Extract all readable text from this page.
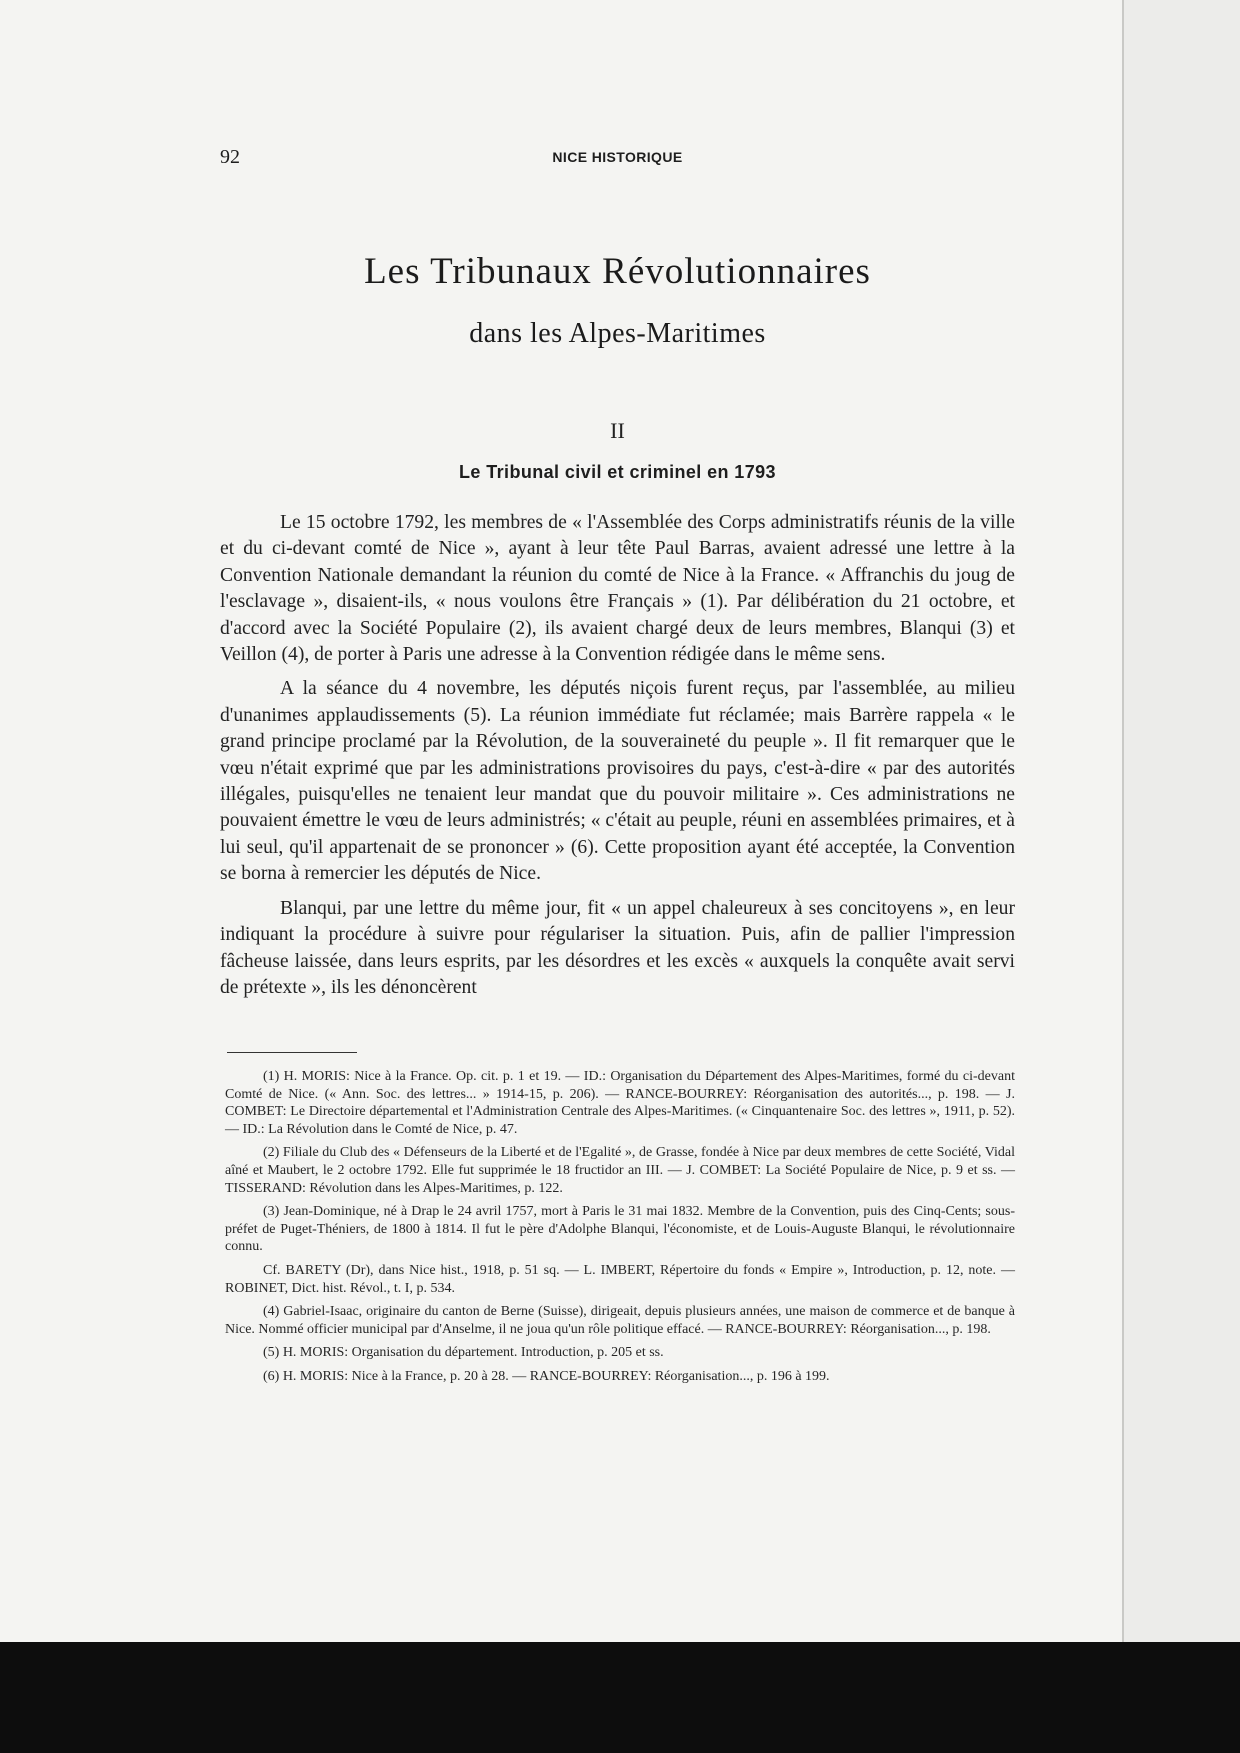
92	NICE HISTORIQUE
Les Tribunaux Révolutionnaires
dans les Alpes-Maritimes
II
Le Tribunal civil et criminel en 1793

Le 15 octobre 1792, les membres de « l'Assemblée des Corps administratifs réunis de la ville et du ci-devant comté de Nice », ayant à leur tête Paul Barras, avaient adressé une lettre à la Convention Nationale demandant la réunion du comté de Nice à la France. « Affranchis du joug de l'esclavage », disaient-ils, « nous voulons être Français » (1). Par délibération du 21 octobre, et d'accord avec la Société Populaire (2), ils avaient chargé deux de leurs membres, Blanqui (3) et Veillon (4), de porter à Paris une adresse à la Convention rédigée dans le même sens.

A la séance du 4 novembre, les députés niçois furent reçus, par l'assemblée, au milieu d'unanimes applaudissements (5). La réunion immédiate fut réclamée; mais Barrère rappela « le grand principe proclamé par la Révolution, de la souveraineté du peuple ». Il fit remarquer que le vœu n'était exprimé que par les administrations provisoires du pays, c'est-à-dire « par des autorités illégales, puisqu'elles ne tenaient leur mandat que du pouvoir militaire ». Ces administrations ne pouvaient émettre le vœu de leurs administrés; « c'était au peuple, réuni en assemblées primaires, et à lui seul, qu'il appartenait de se prononcer » (6). Cette proposition ayant été acceptée, la Convention se borna à remercier les députés de Nice.

Blanqui, par une lettre du même jour, fit « un appel chaleureux à ses concitoyens », en leur indiquant la procédure à suivre pour régulariser la situation. Puis, afin de pallier l'impression fâcheuse laissée, dans leurs esprits, par les désordres et les excès « auxquels la conquête avait servi de prétexte », ils les dénoncèrent

(1) H. MORIS: Nice à la France. Op. cit. p. 1 et 19. — ID.: Organisation du Département des Alpes-Maritimes, formé du ci-devant Comté de Nice. (« Ann. Soc. des lettres... » 1914-15, p. 206). — RANCE-BOURREY: Réorganisation des autorités..., p. 198. — J. COMBET: Le Directoire départemental et l'Administration Centrale des Alpes-Maritimes. (« Cinquantenaire Soc. des lettres », 1911, p. 52). — ID.: La Révolution dans le Comté de Nice, p. 47.

(2) Filiale du Club des « Défenseurs de la Liberté et de l'Egalité », de Grasse, fondée à Nice par deux membres de cette Société, Vidal aîné et Maubert, le 2 octobre 1792. Elle fut supprimée le 18 fructidor an III. — J. COMBET: La Société Populaire de Nice, p. 9 et ss. — TISSERAND: Révolution dans les Alpes-Maritimes, p. 122.

(3) Jean-Dominique, né à Drap le 24 avril 1757, mort à Paris le 31 mai 1832. Membre de la Convention, puis des Cinq-Cents; sous-préfet de Puget-Théniers, de 1800 à 1814. Il fut le père d'Adolphe Blanqui, l'économiste, et de Louis-Auguste Blanqui, le révolutionnaire connu.

Cf. BARETY (Dr), dans Nice hist., 1918, p. 51 sq. — L. IMBERT, Répertoire du fonds « Empire », Introduction, p. 12, note. — ROBINET, Dict. hist. Révol., t. I, p. 534.

(4) Gabriel-Isaac, originaire du canton de Berne (Suisse), dirigeait, depuis plusieurs années, une maison de commerce et de banque à Nice. Nommé officier municipal par d'Anselme, il ne joua qu'un rôle politique effacé. — RANCE-BOURREY: Réorganisation..., p. 198.

(5) H. MORIS: Organisation du département. Introduction, p. 205 et ss.

(6) H. MORIS: Nice à la France, p. 20 à 28. — RANCE-BOURREY: Réorganisation..., p. 196 à 199.
